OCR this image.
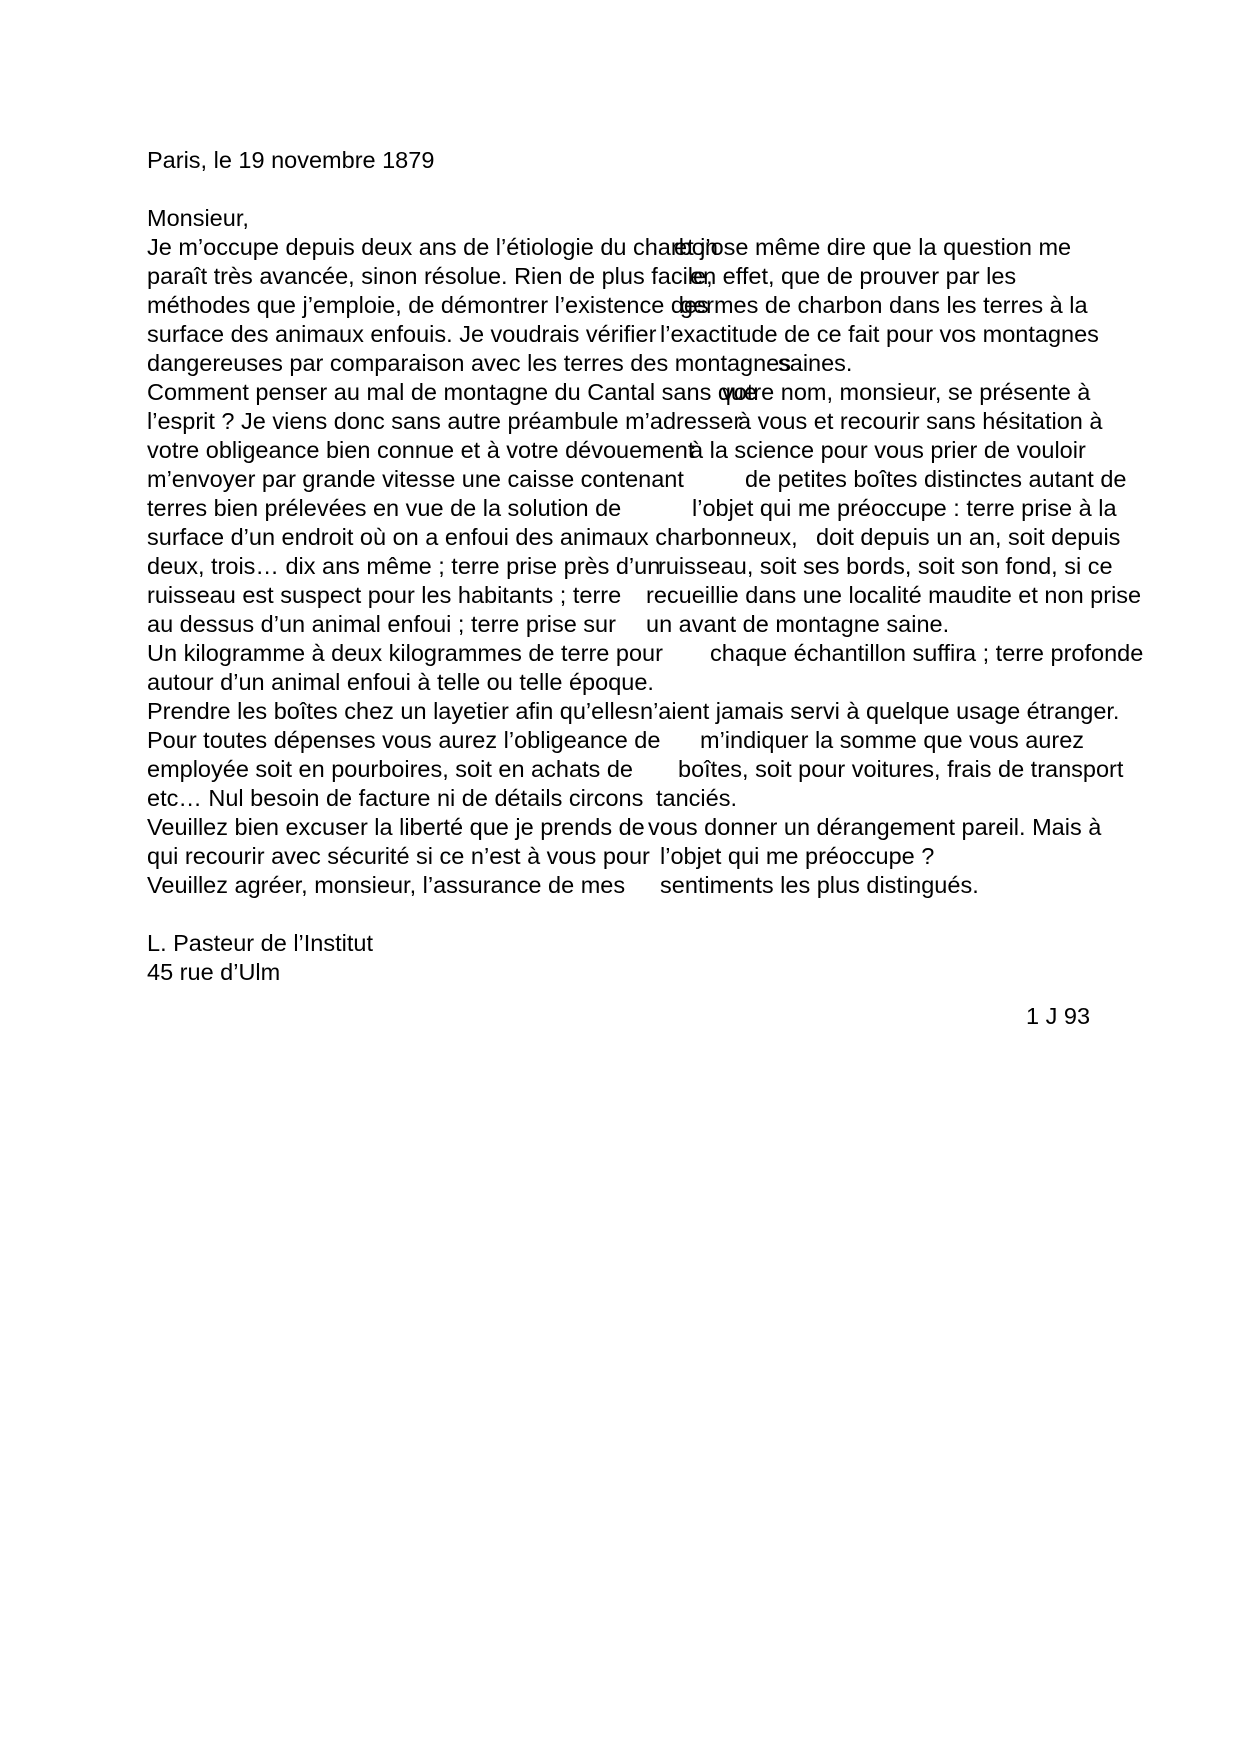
Paris, le 19 novembre 1879
Monsieur,
Je m’occupe depuis deux ans de l’étiologie du charbon
et j’ose même dire que la question me
paraît très avancée, sinon résolue. Rien de plus facile,
en effet, que de prouver par les
méthodes que j’emploie, de démontrer l’existence des
germes de charbon dans les terres à la
surface des animaux enfouis. Je voudrais vérifier l’exactitude de ce fait pour vos montagnes
dangereuses par comparaison avec les terres des montagnes
saines.
Comment penser au mal de montagne du Cantal sans que
votre nom, monsieur, se présente à
l’esprit ? Je viens donc sans autre préambule m’adresser
à vous et recourir sans hésitation à
votre obligeance bien connue et à votre dévouement
à la science pour vous prier de vouloir
m’envoyer par grande vitesse une caisse contenant	de petites boîtes distinctes autant de
terres bien prélevées en vue de la solution de	l’objet qui me préoccupe : terre prise à la
surface d’un endroit où on a enfoui des animaux charbonneux, doit depuis un an, soit depuis
deux, trois… dix ans même ; terre prise près d’un
ruisseau, soit ses bords, soit son fond, si ce
ruisseau est suspect pour les habitants ; terre recueillie dans une localité maudite et non prise
au dessus d’un animal enfoui ; terre prise sur un avant de montagne saine.
Un kilogramme à deux kilogrammes de terre pour chaque échantillon suffira ; terre profonde
autour d’un animal enfoui à telle ou telle époque.
Prendre les boîtes chez un layetier afin qu’elles n’aient jamais servi à quelque usage étranger.
Pour toutes dépenses vous aurez l’obligeance de m’indiquer la somme que vous aurez
employée soit en pourboires, soit en achats de boîtes, soit pour voitures, frais de transport
etc… Nul besoin de facture ni de détails circons tanciés.
Veuillez bien excuser la liberté que je prends de vous donner un dérangement pareil. Mais à
qui recourir avec sécurité si ce n’est à vous pour l’objet qui me préoccupe ?
Veuillez agréer, monsieur, l’assurance de mes sentiments les plus distingués.
L. Pasteur de l’Institut
45 rue d’Ulm
1 J 93
